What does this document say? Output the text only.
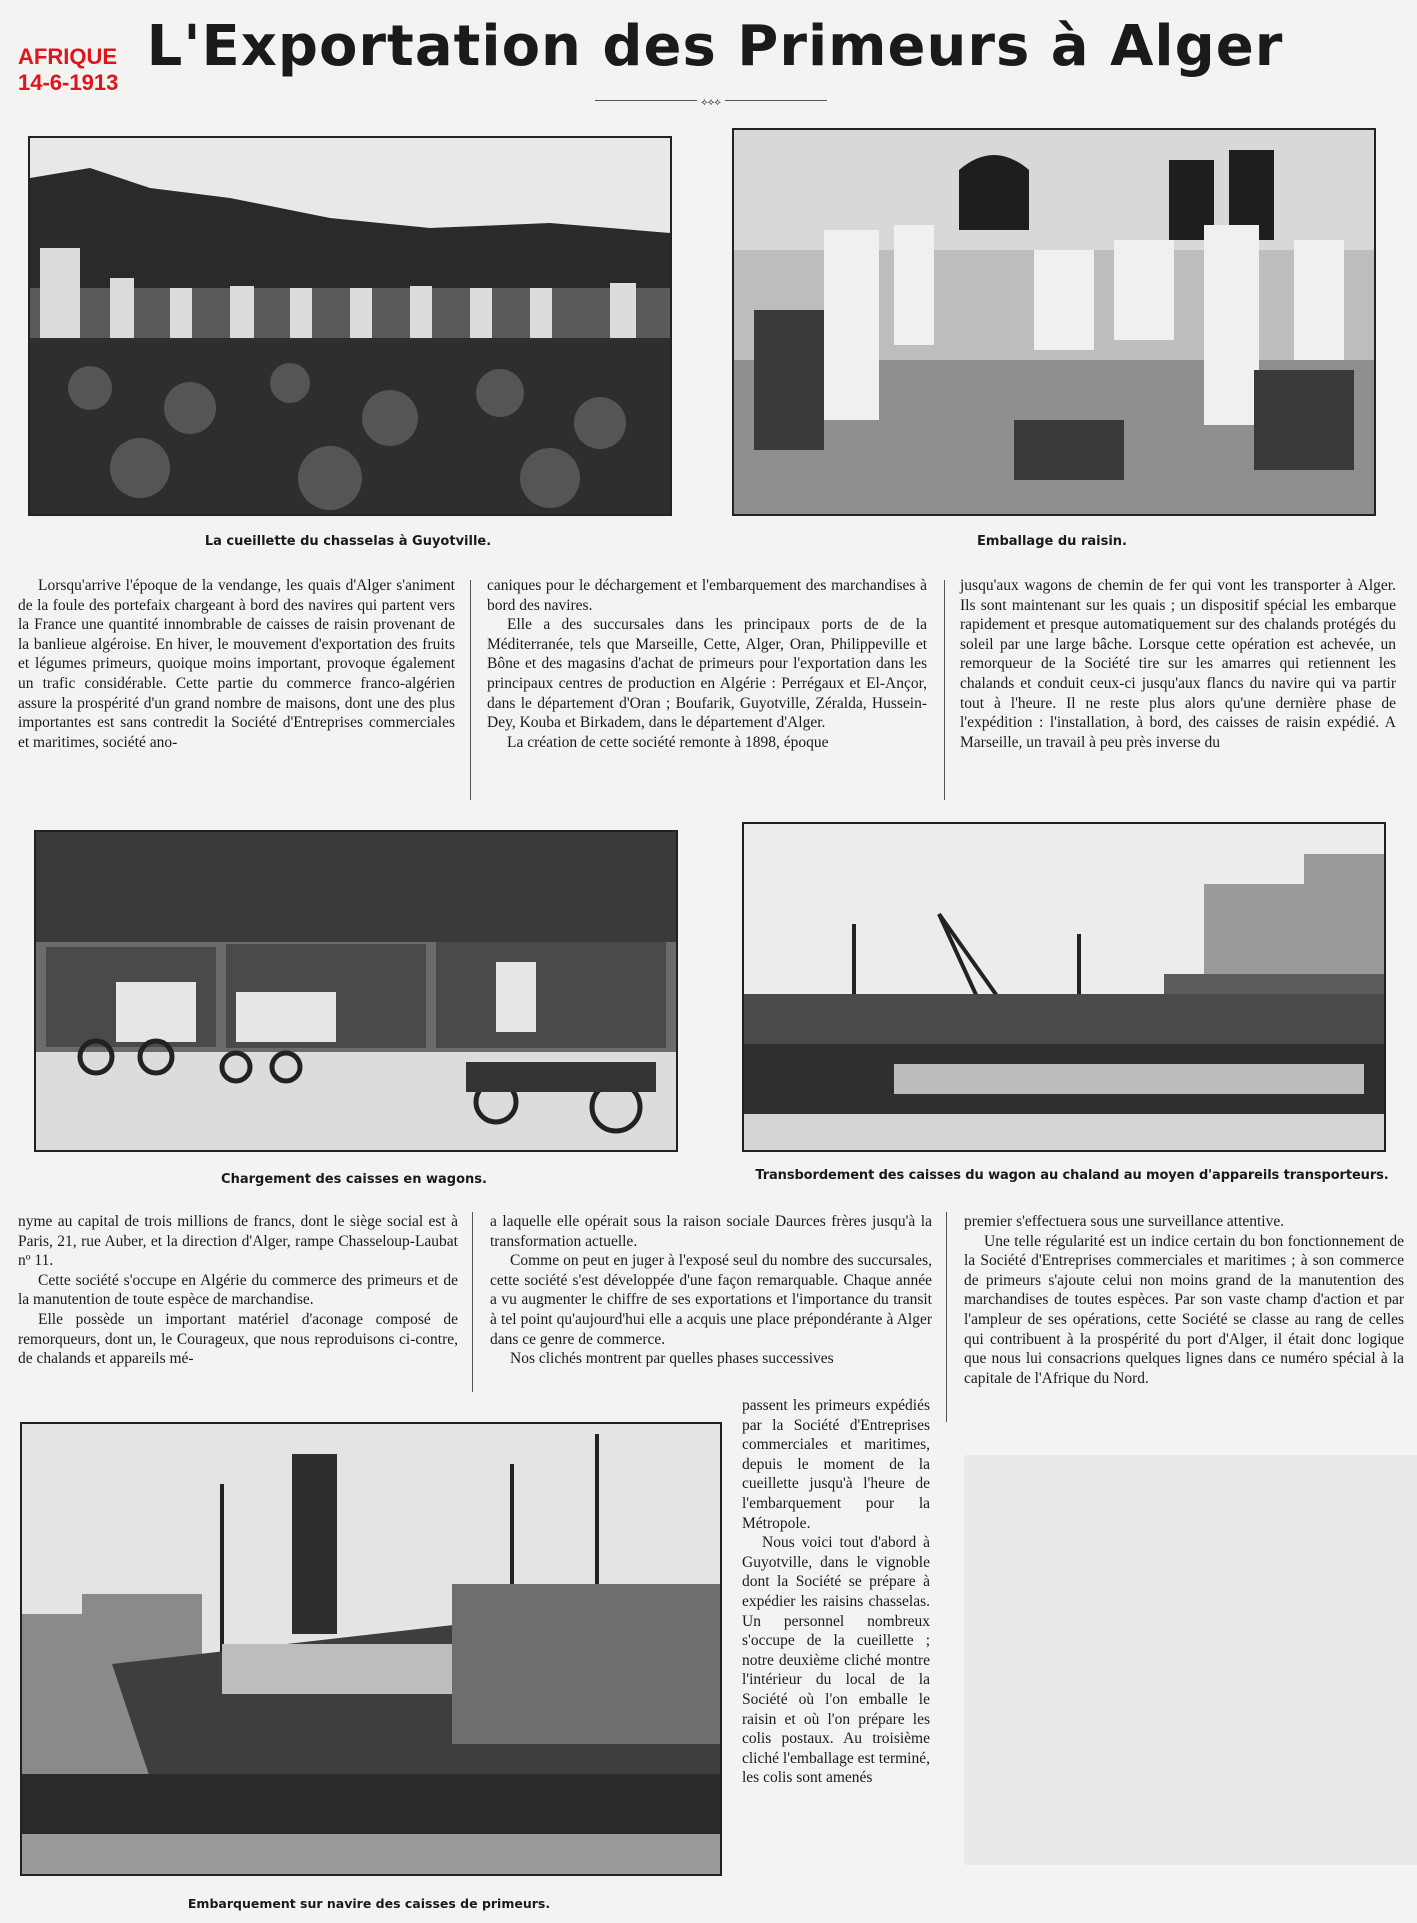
AFRIQUE
14-6-1913
L'Exportation des Primeurs à Alger
⟡⟡⟡
La cueillette du chasselas à Guyotville.	Emballage du raisin.

Lorsqu'arrive l'époque de la vendange, les quais d'Alger s'animent de la foule des portefaix chargeant à bord des navires qui partent vers la France une quantité innombrable de caisses de raisin provenant de la banlieue algéroise. En hiver, le mouvement d'exportation des fruits et légumes primeurs, quoique moins important, provoque également un trafic considérable. Cette partie du commerce franco-algérien assure la prospérité d'un grand nombre de maisons, dont une des plus importantes est sans contredit la Société d'Entreprises commerciales et maritimes, société ano-

caniques pour le déchargement et l'embarquement des marchandises à bord des navires.

Elle a des succursales dans les principaux ports de de la Méditerranée, tels que Marseille, Cette, Alger, Oran, Philippeville et Bône et des magasins d'achat de primeurs pour l'exportation dans les principaux centres de production en Algérie : Perrégaux et El-Ançor, dans le département d'Oran ; Boufarik, Guyotville, Zéralda, Hussein-Dey, Kouba et Birkadem, dans le département d'Alger.

La création de cette société remonte à 1898, époque

jusqu'aux wagons de chemin de fer qui vont les transporter à Alger. Ils sont maintenant sur les quais ; un dispositif spécial les embarque rapidement et presque automatiquement sur des chalands protégés du soleil par une large bâche. Lorsque cette opération est achevée, un remorqueur de la Société tire sur les amarres qui retiennent les chalands et conduit ceux-ci jusqu'aux flancs du navire qui va partir tout à l'heure. Il ne reste plus alors qu'une dernière phase de l'expédition : l'installation, à bord, des caisses de raisin expédié. A Marseille, un travail à peu près inverse du

Chargement des caisses en wagons.	Transbordement des caisses du wagon au chaland au moyen d'appareils transporteurs.

nyme au capital de trois millions de francs, dont le siège social est à Paris, 21, rue Auber, et la direction d'Alger, rampe Chasseloup-Laubat nº 11.

Cette société s'occupe en Algérie du commerce des primeurs et de la manutention de toute espèce de marchandise.

Elle possède un important matériel d'aconage composé de remorqueurs, dont un, le Courageux, que nous reproduisons ci-contre, de chalands et appareils mé-

a laquelle elle opérait sous la raison sociale Daurces frères jusqu'à la transformation actuelle.

Comme on peut en juger à l'exposé seul du nombre des succursales, cette société s'est développée d'une façon remarquable. Chaque année a vu augmenter le chiffre de ses exportations et l'importance du transit à tel point qu'aujourd'hui elle a acquis une place prépondérante à Alger dans ce genre de commerce.

Nos clichés montrent par quelles phases successives

passent les primeurs expédiés par la Société d'Entreprises commerciales et maritimes, depuis le moment de la cueillette jusqu'à l'heure de l'embarquement pour la Métropole.

Nous voici tout d'abord à Guyotville, dans le vignoble dont la Société se prépare à expédier les raisins chasselas. Un personnel nombreux s'occupe de la cueillette ; notre deuxième cliché montre l'intérieur du local de la Société où l'on emballe le raisin et où l'on prépare les colis postaux. Au troisième cliché l'emballage est terminé, les colis sont amenés

premier s'effectuera sous une surveillance attentive.

Une telle régularité est un indice certain du bon fonctionnement de la Société d'Entreprises commerciales et maritimes ; à son commerce de primeurs s'ajoute celui non moins grand de la manutention des marchandises de toutes espèces. Par son vaste champ d'action et par l'ampleur de ses opérations, cette Société se classe au rang de celles qui contribuent à la prospérité du port d'Alger, il était donc logique que nous lui consacrions quelques lignes dans ce numéro spécial à la capitale de l'Afrique du Nord.

Embarquement sur navire des caisses de primeurs.
